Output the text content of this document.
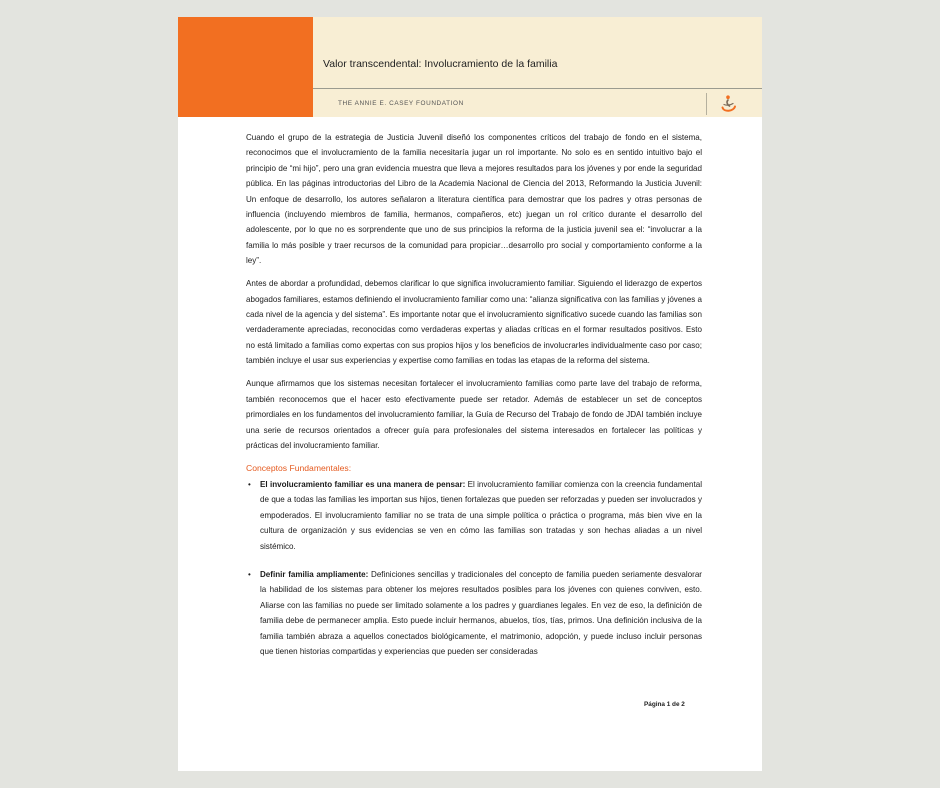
Valor transcendental: Involucramiento de la familia
THE ANNIE E. CASEY FOUNDATION

Cuando el grupo de la estrategia de Justicia Juvenil diseñó los componentes críticos del trabajo de fondo en el sistema, reconocimos que el involucramiento de la familia necesitaría jugar un rol importante. No solo es en sentido intuitivo bajo el principio de “mi hijo”, pero una gran evidencia muestra que lleva a mejores resultados para los jóvenes y por ende la seguridad pública. En las páginas introductorias del Libro de la Academia Nacional de Ciencia del 2013, Reformando la Justicia Juvenil: Un enfoque de desarrollo, los autores señalaron a literatura científica para demostrar que los padres y otras personas de influencia (incluyendo miembros de familia, hermanos, compañeros, etc) juegan un rol crítico durante el desarrollo del adolescente, por lo que no es sorprendente que uno de sus principios la reforma de la justicia juvenil sea el: “involucrar a la familia lo más posible y traer recursos de la comunidad para propiciar…desarrollo pro social y comportamiento conforme a la ley”.

Antes de abordar a profundidad, debemos clarificar lo que significa involucramiento familiar. Siguiendo el liderazgo de expertos abogados familiares, estamos definiendo el involucramiento familiar como una: “alianza significativa con las familias y jóvenes a cada nivel de la agencia y del sistema”. Es importante notar que el involucramiento significativo sucede cuando las familias son verdaderamente apreciadas, reconocidas como verdaderas expertas y aliadas críticas en el formar resultados positivos. Esto no está limitado a familias como expertas con sus propios hijos y los beneficios de involucrarles individualmente caso por caso; también incluye el usar sus experiencias y expertise como familias en todas las etapas de la reforma del sistema.

Aunque afirmamos que los sistemas necesitan fortalecer el involucramiento familias como parte lave del trabajo de reforma, también reconocemos que el hacer esto efectivamente puede ser retador. Además de establecer un set de conceptos primordiales en los fundamentos del involucramiento familiar, la Guía de Recurso del Trabajo de fondo de JDAI también incluye una serie de recursos orientados a ofrecer guía para profesionales del sistema interesados en fortalecer las políticas y prácticas del involucramiento familiar.

Conceptos Fundamentales:
• El involucramiento familiar es una manera de pensar: El involucramiento familiar comienza con la creencia fundamental de que a todas las familias les importan sus hijos, tienen fortalezas que pueden ser reforzadas y pueden ser involucrados y empoderados. El involucramiento familiar no se trata de una simple política o práctica o programa, más bien vive en la cultura de organización y sus evidencias se ven en cómo las familias son tratadas y son hechas aliadas a un nivel sistémico.
• Definir familia ampliamente: Definiciones sencillas y tradicionales del concepto de familia pueden seriamente desvalorar la habilidad de los sistemas para obtener los mejores resultados posibles para los jóvenes con quienes conviven, esto. Aliarse con las familias no puede ser limitado solamente a los padres y guardianes legales. En vez de eso, la definición de familia debe de permanecer amplia. Esto puede incluir hermanos, abuelos, tíos, tías, primos. Una definición inclusiva de la familia también abraza a aquellos conectados biológicamente, el matrimonio, adopción, y puede incluso incluir personas que tienen historias compartidas y experiencias que pueden ser consideradas
Página 1 de 2
